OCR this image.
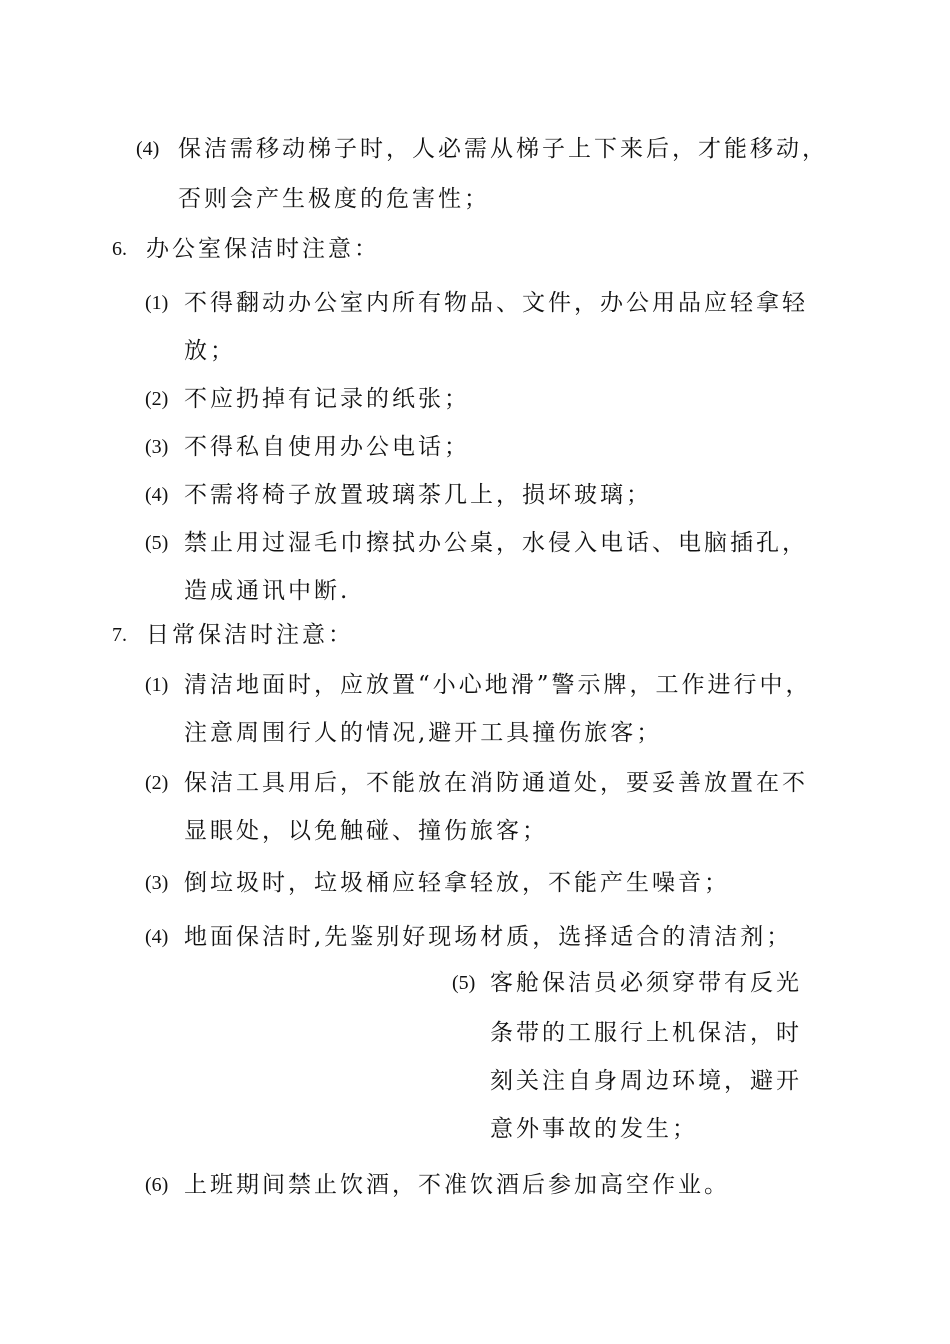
(4) 保洁需移动梯子时，人必需从梯子上下来后，才能移动，
否则会产生极度的危害性；
6. 办公室保洁时注意：
(1) 不得翻动办公室内所有物品、文件，办公用品应轻拿轻
放；
(2) 不应扔掉有记录的纸张；
(3) 不得私自使用办公电话；
(4) 不需将椅子放置玻璃茶几上，损坏玻璃；
(5) 禁止用过湿毛巾擦拭办公桌，水侵入电话、电脑插孔，
造成通讯中断.
7. 日常保洁时注意：
(1) 清洁地面时，应放置“小心地滑”警示牌，工作进行中，
注意周围行人的情况,避开工具撞伤旅客；
(2) 保洁工具用后，不能放在消防通道处，要妥善放置在不
显眼处，以免触碰、撞伤旅客；
(3) 倒垃圾时，垃圾桶应轻拿轻放，不能产生噪音；
(4) 地面保洁时,先鉴别好现场材质，选择适合的清洁剂；
(5) 客舱保洁员必须穿带有反光
条带的工服行上机保洁，时
刻关注自身周边环境，避开
意外事故的发生；
(6) 上班期间禁止饮酒，不准饮酒后参加高空作业。
